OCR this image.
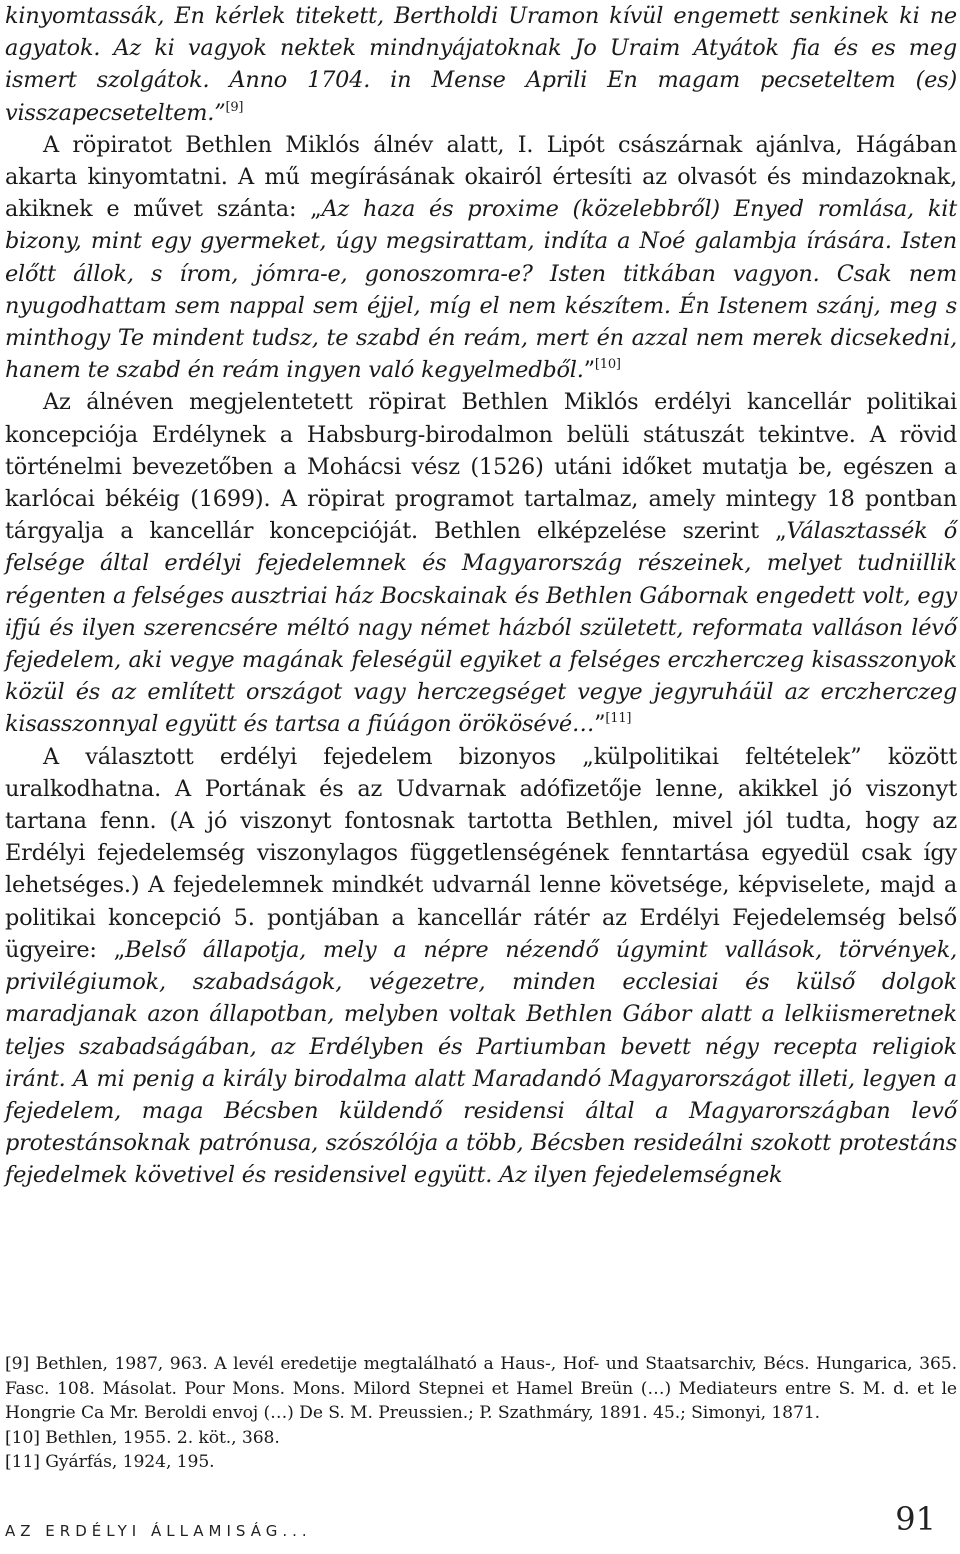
kinyomtassák, En kérlek titekett, Bertholdi Uramon kívül engemett senkinek ki ne agyatok. Az ki vagyok nektek mindnyájatoknak Jo Uraim Atyátok fia és es meg ismert szolgátok. Anno 1704. in Mense Aprili En magam pecseteltem (es) visszapecseteltem.”[9]

A röpiratot Bethlen Miklós álnév alatt, I. Lipót császárnak ajánlva, Hágában akarta kinyomtatni. A mű megírásának okairól értesíti az olvasót és mindazoknak, akiknek e művet szánta: „Az haza és proxime (közelebbről) Enyed romlása, kit bizony, mint egy gyermeket, úgy megsirattam, indíta a Noé galambja írására. Isten előtt állok, s írom, jómra-e, gonoszomra-e? Isten titkában vagyon. Csak nem nyugodhattam sem nappal sem éjjel, míg el nem készítem. Én Istenem szánj, meg s minthogy Te mindent tudsz, te szabd én reám, mert én azzal nem merek dicsekedni, hanem te szabd én reám ingyen való kegyelmedből.”[10]

Az álnéven megjelentetett röpirat Bethlen Miklós erdélyi kancellár politikai koncepciója Erdélynek a Habsburg-birodalmon belüli státuszát tekintve. A rövid történelmi bevezetőben a Mohácsi vész (1526) utáni időket mutatja be, egészen a karlócai békéig (1699). A röpirat programot tartalmaz, amely mintegy 18 pontban tárgyalja a kancellár koncepcióját. Bethlen elképzelése szerint „Választassék ő felsége által erdélyi fejedelemnek és Magyarország részeinek, melyet tudniillik régenten a felséges ausztriai ház Bocskainak és Bethlen Gábornak engedett volt, egy ifjú és ilyen szerencsére méltó nagy német házból született, reformata valláson lévő fejedelem, aki vegye magának feleségül egyiket a felséges erczherczeg kisasszonyok közül és az említett országot vagy herczegséget vegye jegyruháül az erczherczeg kisasszonnyal együtt és tartsa a fiúágon örökösévé…”[11]

A választott erdélyi fejedelem bizonyos „külpolitikai feltételek” között uralkodhatna. A Portának és az Udvarnak adófizetője lenne, akikkel jó viszonyt tartana fenn. (A jó viszonyt fontosnak tartotta Bethlen, mivel jól tudta, hogy az Erdélyi fejedelemség viszonylagos függetlenségének fenntartása egyedül csak így lehetséges.) A fejedelemnek mindkét udvarnál lenne követsége, képviselete, majd a politikai koncepció 5. pontjában a kancellár rátér az Erdélyi Fejedelemség belső ügyeire: „Belső állapotja, mely a népre nézendő úgymint vallások, törvények, privilégiumok, szabadságok, végezetre, minden ecclesiai és külső dolgok maradjanak azon állapotban, melyben voltak Bethlen Gábor alatt a lelkiismeretnek teljes szabadságában, az Erdélyben és Partiumban bevett négy recepta religiok iránt. A mi penig a király birodalma alatt Maradandó Magyarországot illeti, legyen a fejedelem, maga Bécsben küldendő residensi által a Magyarországban levő protestánsoknak patrónusa, szószólója a több, Bécsben resideálni szokott protestáns fejedelmek követivel és residensivel együtt. Az ilyen fejedelemségnek

[9] Bethlen, 1987, 963. A levél eredetije megtalálható a Haus-, Hof- und Staatsarchiv, Bécs. Hungarica, 365. Fasc. 108. Másolat. Pour Mons. Mons. Milord Stepnei et Hamel Breün (…) Mediateurs entre S. M. d. et le Hongrie Ca Mr. Beroldi envoj (…) De S. M. Preussien.; P. Szathmáry, 1891. 45.; Simonyi, 1871.

[10] Bethlen, 1955. 2. köt., 368.

[11] Gyárfás, 1924, 195.

AZ ERDÉLYI ÁLLAMISÁG...	91
